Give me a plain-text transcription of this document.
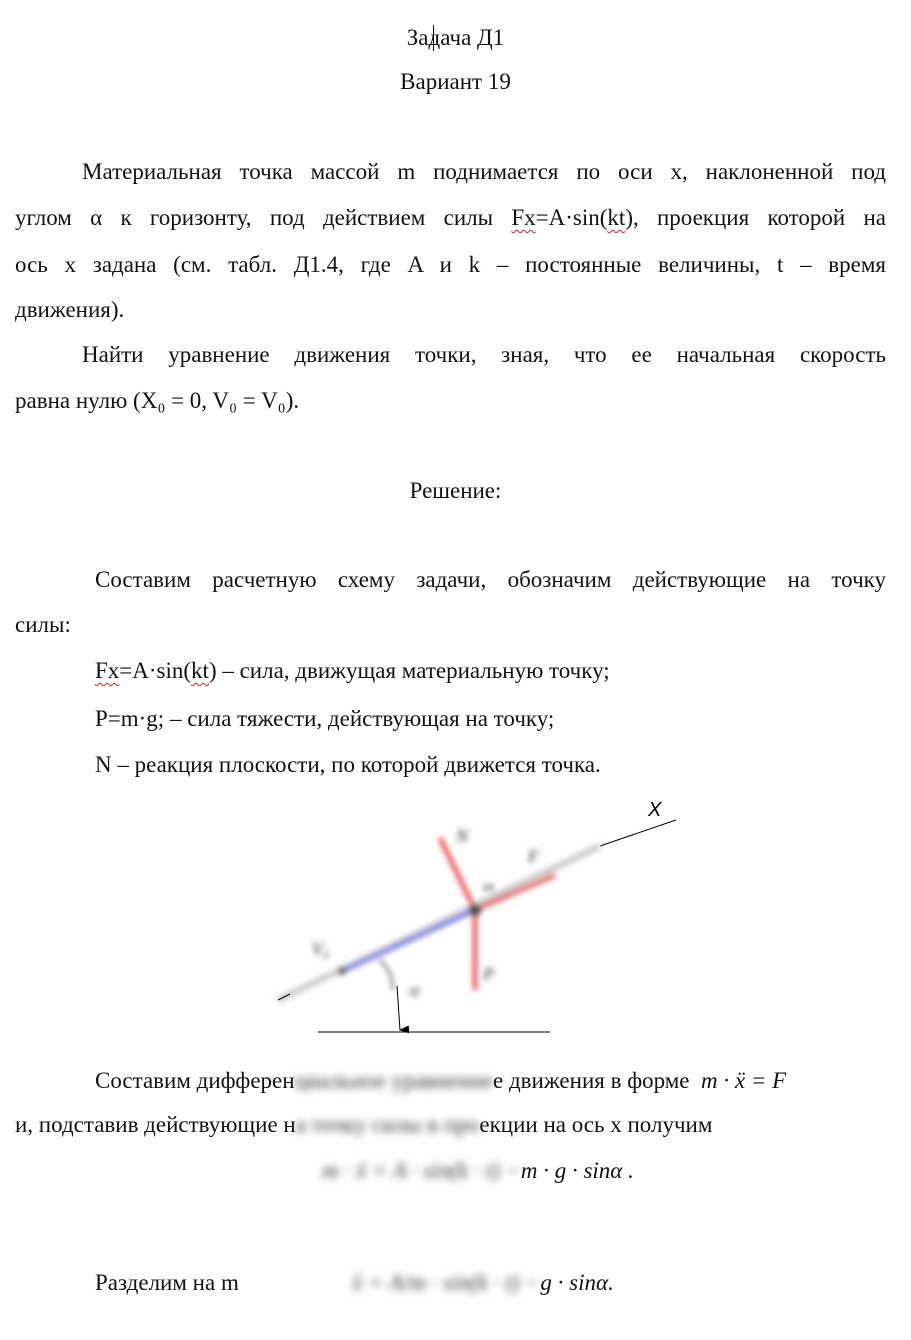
Задача Д1
Вариант 19
Материальная точка массой m поднимается по оси x, наклоненной под
углом α к горизонту, под действием силы Fx=A·sin(kt), проекция которой на
ось x задана (см. табл. Д1.4, где A и k – постоянные величины, t – время
движения).
Найти уравнение движения точки, зная, что ее начальная скорость
равна нулю (X₀ = 0, V₀ = V₀).
Решение:
Составим расчетную схему задачи, обозначим действующие на точку
силы:
Fx=A·sin(kt) – сила, движущая материальную точку;
P=m·g; – сила тяжести, действующая на точку;
N – реакция плоскости, по которой движется точка.
X
V₀
N
F
P
m
α
Составим дифференциальное уравнениее движения в форме m · ẍ = F
и, подставив действующие на точку силы в проекции на ось x получим
m · ẍ = A · sin(k · t) −m · g · sinα .
Разделим на m	ẍ = A/m · sin(k · t) −g · sinα.
